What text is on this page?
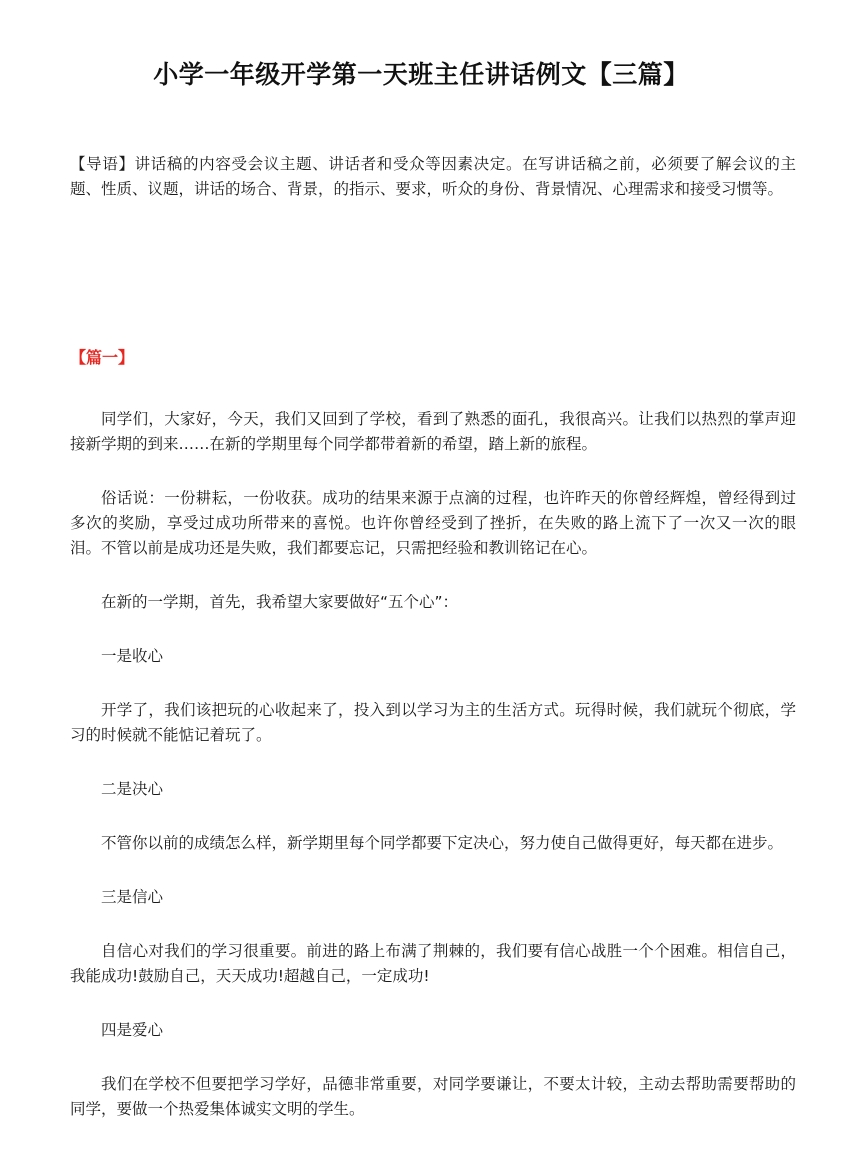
小学一年级开学第一天班主任讲话例文【三篇】

【导语】讲话稿的内容受会议主题、讲话者和受众等因素决定。在写讲话稿之前，必须要了解会议的主题、性质、议题，讲话的场合、背景，的指示、要求，听众的身份、背景情况、心理需求和接受习惯等。

【篇一】

同学们，大家好，今天，我们又回到了学校，看到了熟悉的面孔，我很高兴。让我们以热烈的掌声迎接新学期的到来……在新的学期里每个同学都带着新的希望，踏上新的旅程。

俗话说：一份耕耘，一份收获。成功的结果来源于点滴的过程，也许昨天的你曾经辉煌，曾经得到过多次的奖励，享受过成功所带来的喜悦。也许你曾经受到了挫折，在失败的路上流下了一次又一次的眼泪。不管以前是成功还是失败，我们都要忘记，只需把经验和教训铭记在心。

在新的一学期，首先，我希望大家要做好“五个心”：

一是收心

开学了，我们该把玩的心收起来了，投入到以学习为主的生活方式。玩得时候，我们就玩个彻底，学习的时候就不能惦记着玩了。

二是决心

不管你以前的成绩怎么样，新学期里每个同学都要下定决心，努力使自己做得更好，每天都在进步。

三是信心

自信心对我们的学习很重要。前进的路上布满了荆棘的，我们要有信心战胜一个个困难。相信自己，我能成功!鼓励自己，天天成功!超越自己，一定成功!

四是爱心

我们在学校不但要把学习学好，品德非常重要，对同学要谦让，不要太计较，主动去帮助需要帮助的同学，要做一个热爱集体诚实文明的学生。
